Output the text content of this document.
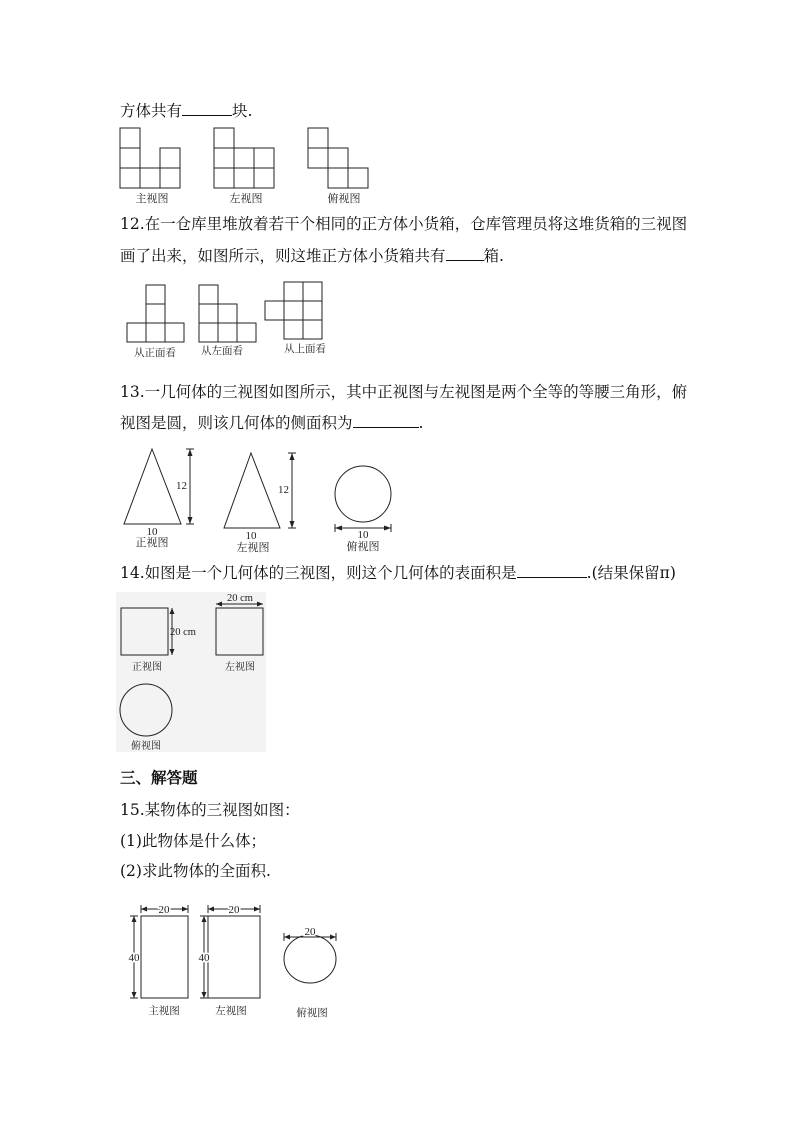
方体共有	块.
主视图	左视图	俯视图
12.在一仓库里堆放着若干个相同的正方体小货箱，仓库管理员将这堆货箱的三视图
画了出来，如图所示，则这堆正方体小货箱共有 箱.
从正面看 从左面看	从上面看
13.一几何体的三视图如图所示，其中正视图与左视图是两个全等的等腰三角形，俯
视图是圆，则该几何体的侧面积为	.
12
10
正视图
12
10
左视图
10
俯视图
14.如图是一个几何体的三视图，则这个几何体的表面积是	.(结果保留π)
20 cm
正视图
20 cm
左视图
俯视图
三、解答题
15.某物体的三视图如图：
(1)此物体是什么体；
(2)求此物体的全面积.
20
40
主视图
20
40
左视图
20
俯视图
